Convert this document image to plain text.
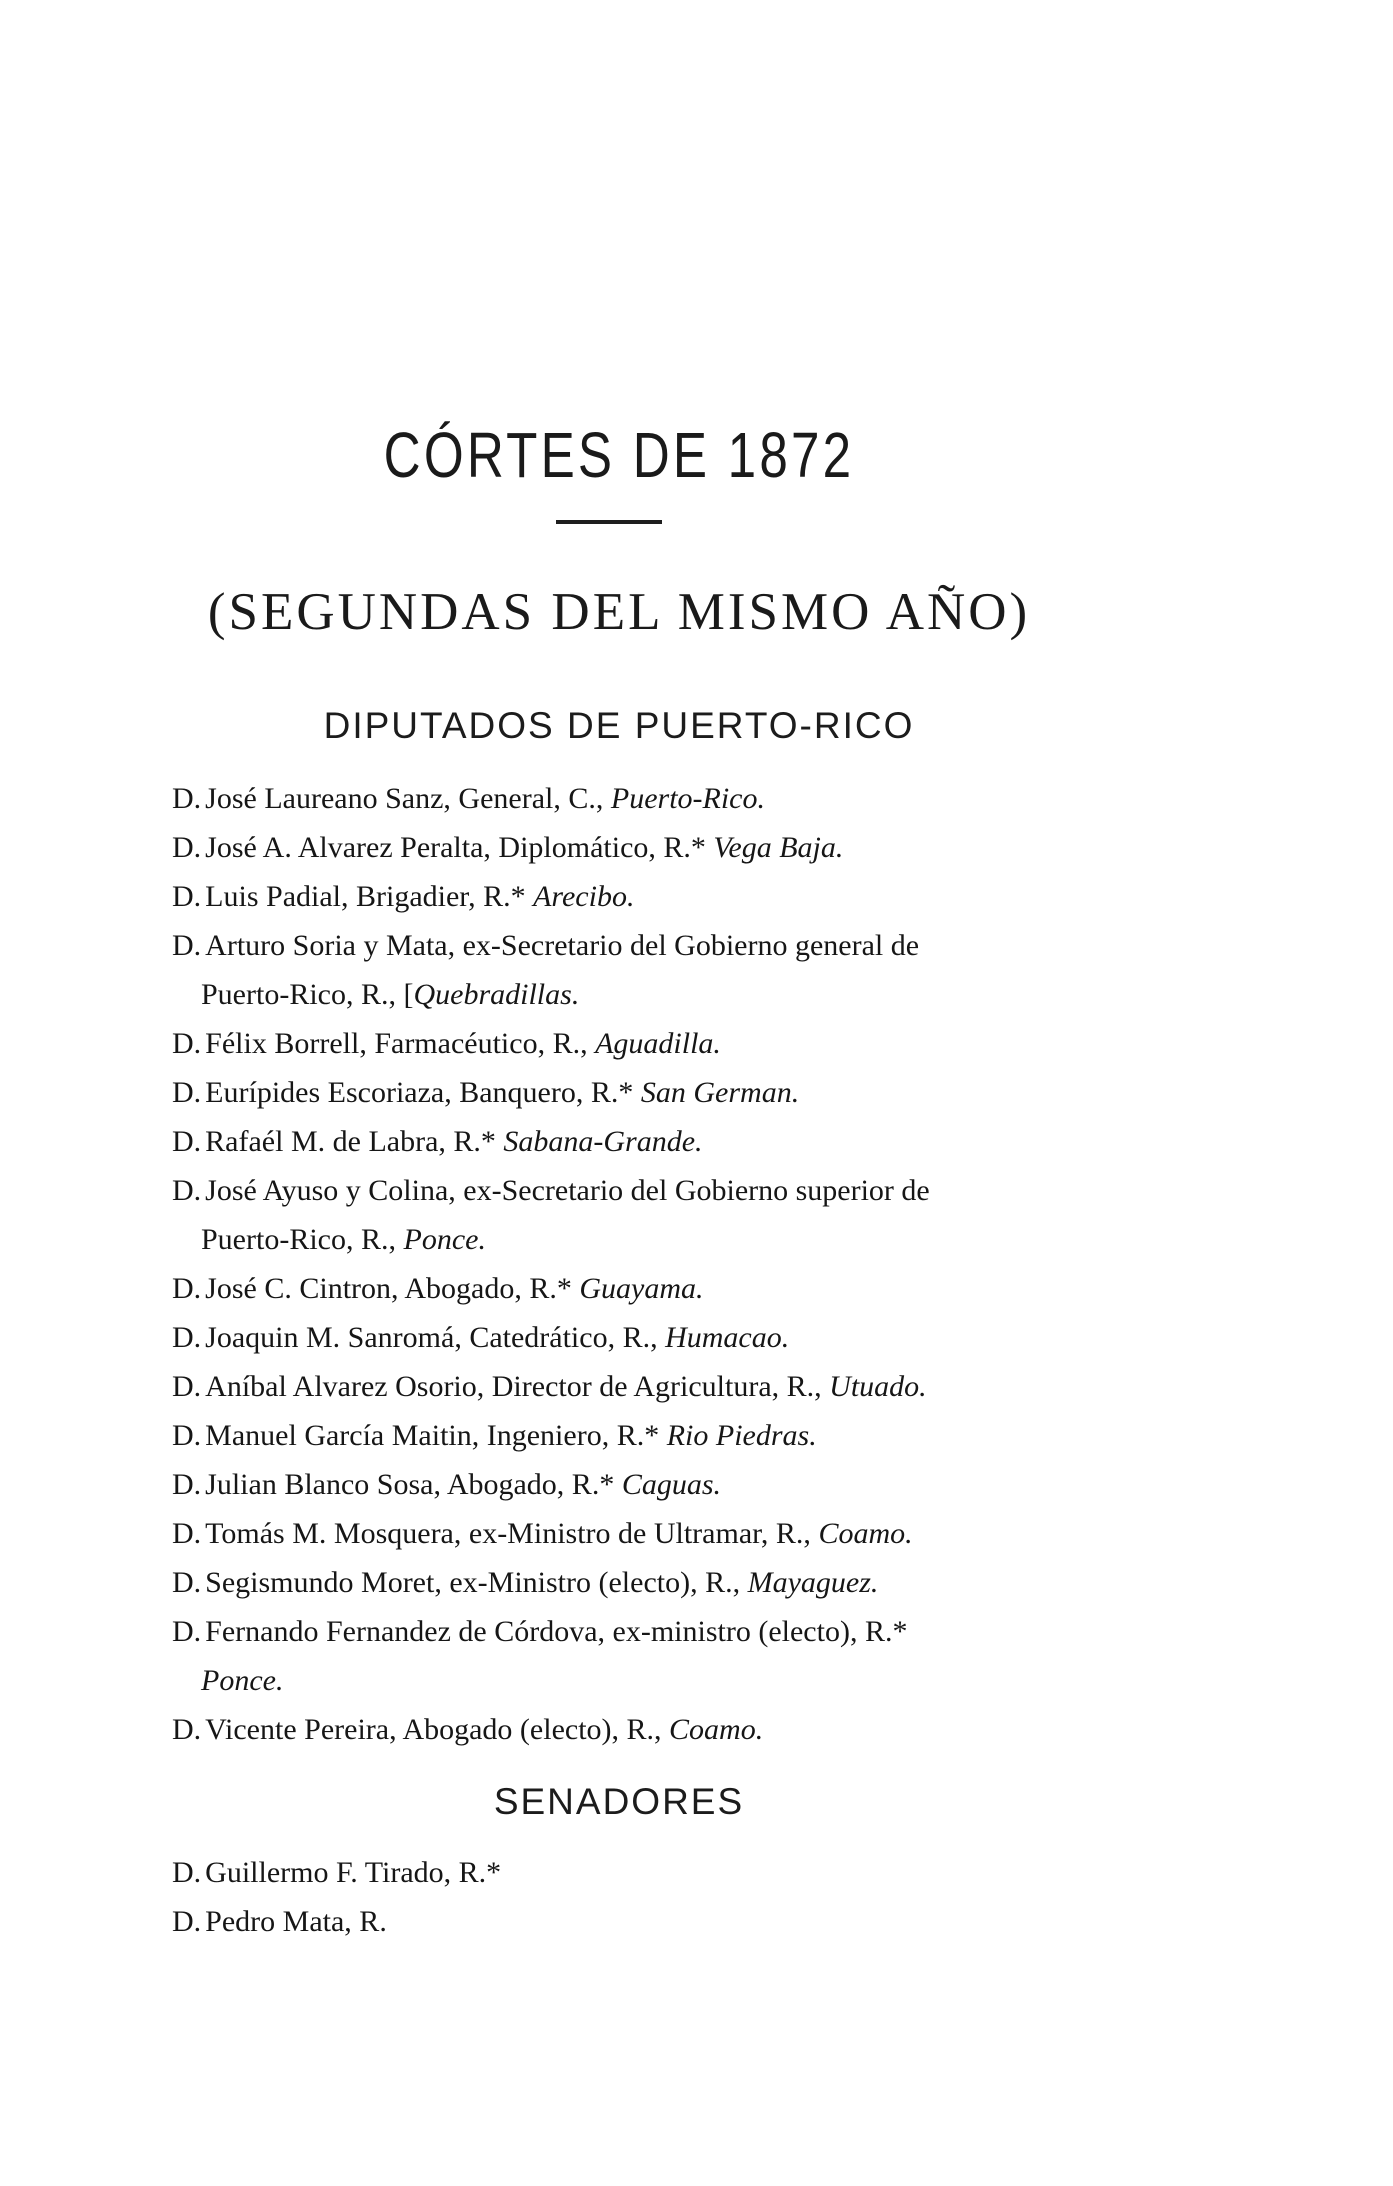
CÓRTES DE 1872
(SEGUNDAS DEL MISMO AÑO)
DIPUTADOS DE PUERTO-RICO
D. José Laureano Sanz, General, C., Puerto-Rico.
D. José A. Alvarez Peralta, Diplomático, R.* Vega Baja.
D. Luis Padial, Brigadier, R.* Arecibo.
D. Arturo Soria y Mata, ex-Secretario del Gobierno general de
Puerto-Rico, R., [Quebradillas.
D. Félix Borrell, Farmacéutico, R., Aguadilla.
D. Eurípides Escoriaza, Banquero, R.* San German.
D. Rafaél M. de Labra, R.* Sabana-Grande.
D. José Ayuso y Colina, ex-Secretario del Gobierno superior de
Puerto-Rico, R., Ponce.
D. José C. Cintron, Abogado, R.* Guayama.
D. Joaquin M. Sanromá, Catedrático, R., Humacao.
D. Aníbal Alvarez Osorio, Director de Agricultura, R., Utuado.
D. Manuel García Maitin, Ingeniero, R.* Rio Piedras.
D. Julian Blanco Sosa, Abogado, R.* Caguas.
D. Tomás M. Mosquera, ex-Ministro de Ultramar, R., Coamo.
D. Segismundo Moret, ex-Ministro (electo), R., Mayaguez.
D. Fernando Fernandez de Córdova, ex-ministro (electo), R.*
Ponce.
D. Vicente Pereira, Abogado (electo), R., Coamo.
SENADORES
D. Guillermo F. Tirado, R.*
D. Pedro Mata, R.
